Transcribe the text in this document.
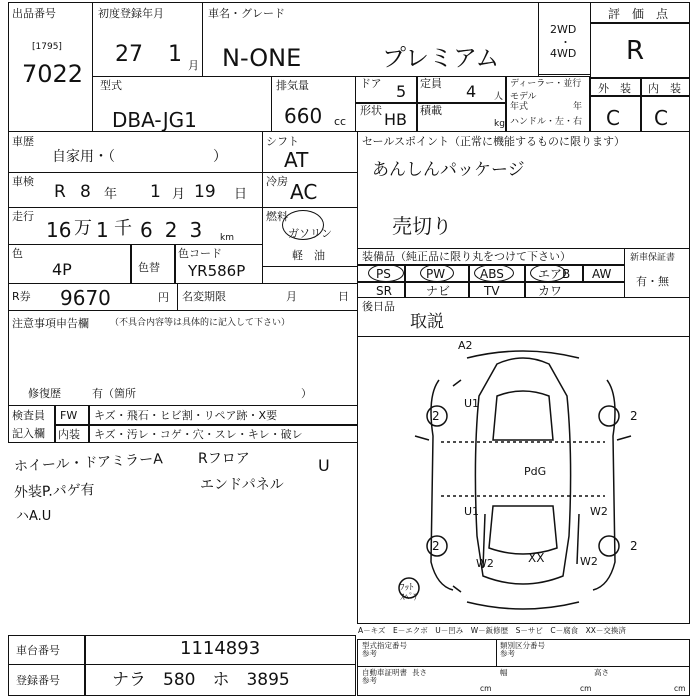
出品番号
[1795]
7022
初度登録年月
27 1 月
車名・グレード
N-ONE	プレミアム
2WD
・
4WD
評　価　点
R
外　装 内　装
C C
型式
DBA-JG1
排気量
660 cc
ドア 5 定員 4 人
形状 HB 積載
kg
ディーラー・並行
モデル
年式	年
ハンドル・左・右
車歴
自家用・（　　　　　　　）
シフト
AT
車検
R 8 年 1 月 19 日
冷房 AC
走行
16 万 1 千 623 km
燃料
ガソリン
軽　油
色
4P	色替
色コード
YR586P
R券 9670	円 名変期限	月	日
注意事項申告欄 （不具合内容等は具体的に記入して下さい）
修復歴	有（箇所　　　　　　　　　　　　　　　）
検査員
記入欄
FW キズ・飛石・ヒビ割・リペア跡・X要
内装 キズ・汚レ・コゲ・穴・スレ・キレ・破レ
ホイール・ドアミラーA
外装P.パゲ有
ハA.U
Rフロア
エンドパネル
U
セールスポイント（正常に機能するものに限ります）
あんしんパッケージ
売切り
装備品（純正品に限り丸をつけて下さい）
PS	PW	ABS	エアB AW
SR	ナビ	TV	カワ
新車保証書
有・無
後日品
取説
A2
2	2
2	2
PdG
U1
U1	W2
W2	W2
XX
ﾌｯﾄ
ｽﾍﾟｱ
A－キズ　E－エクボ　U－凹み　W－鈑修歴　S－サビ　C－腐食　XX－交換済
車台番号	1114893
登録番号	ナラ　580　ホ　3895
型式指定番号
参考
類別区分番号
参考
自動車証明書
参考
長さ	幅	高さ
cm	cm	cm
